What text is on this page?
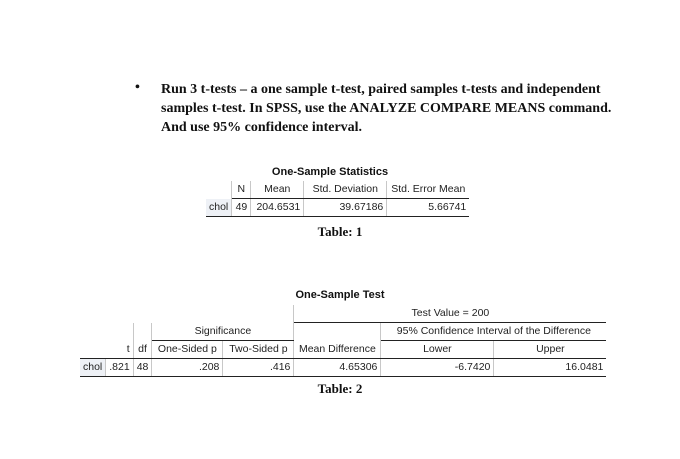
• Run 3 t-tests – a one sample t-test, paired samples t-tests and independent samples t-test. In SPSS, use the ANALYZE COMPARE MEANS command. And use 95% confidence interval.
One-Sample Statistics
	N	Mean	Std. Deviation	Std. Error Mean
chol	49	204.6531	39.67186	5.66741
Table: 1
One-Sample Test
					Test Value = 200		
			Significance			95% Confidence Interval of the Difference	
	t	df	One-Sided p	Two-Sided p	Mean Difference	Lower	Upper
chol	.821	48	.208	.416	4.65306	-6.7420	16.0481
Table: 2
